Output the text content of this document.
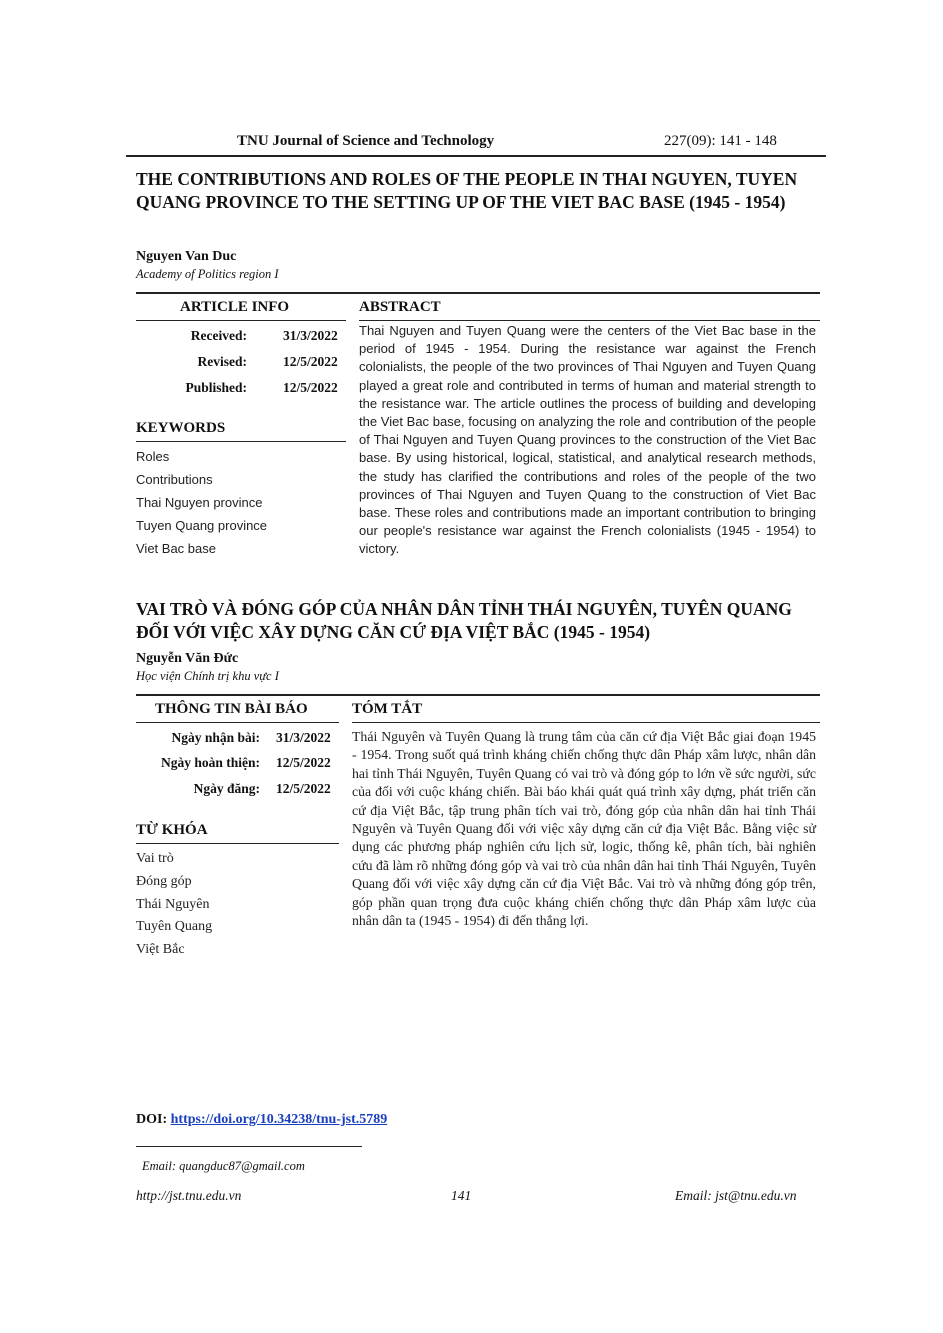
TNU Journal of Science and Technology	227(09): 141 - 148
THE CONTRIBUTIONS AND ROLES OF THE PEOPLE IN THAI NGUYEN, TUYEN QUANG PROVINCE TO THE SETTING UP OF THE VIET BAC BASE (1945 - 1954)
Nguyen Van Duc
Academy of Politics region I
ARTICLE INFO	ABSTRACT
Received:	31/3/2022
Revised:	12/5/2022
Published:	12/5/2022
KEYWORDS
Roles
Contributions
Thai Nguyen province
Tuyen Quang province
Viet Bac base
Thai Nguyen and Tuyen Quang were the centers of the Viet Bac base in the period of 1945 - 1954. During the resistance war against the French colonialists, the people of the two provinces of Thai Nguyen and Tuyen Quang played a great role and contributed in terms of human and material strength to the resistance war. The article outlines the process of building and developing the Viet Bac base, focusing on analyzing the role and contribution of the people of Thai Nguyen and Tuyen Quang provinces to the construction of the Viet Bac base. By using historical, logical, statistical, and analytical research methods, the study has clarified the contributions and roles of the people of the two provinces of Thai Nguyen and Tuyen Quang to the construction of Viet Bac base. These roles and contributions made an important contribution to bringing our people's resistance war against the French colonialists (1945 - 1954) to victory.
VAI TRÒ VÀ ĐÓNG GÓP CỦA NHÂN DÂN TỈNH THÁI NGUYÊN, TUYÊN QUANG ĐỐI VỚI VIỆC XÂY DỰNG CĂN CỨ ĐỊA VIỆT BẮC (1945 - 1954)
Nguyễn Văn Đức
Học viện Chính trị khu vực I
THÔNG TIN BÀI BÁO	TÓM TẮT
Ngày nhận bài: 31/3/2022
Ngày hoàn thiện: 12/5/2022
Ngày đăng: 12/5/2022
TỪ KHÓA
Vai trò
Đóng góp
Thái Nguyên
Tuyên Quang
Việt Bắc
Thái Nguyên và Tuyên Quang là trung tâm của căn cứ địa Việt Bắc giai đoạn 1945 - 1954. Trong suốt quá trình kháng chiến chống thực dân Pháp xâm lược, nhân dân hai tỉnh Thái Nguyên, Tuyên Quang có vai trò và đóng góp to lớn về sức người, sức của đối với cuộc kháng chiến. Bài báo khái quát quá trình xây dựng, phát triển căn cứ địa Việt Bắc, tập trung phân tích vai trò, đóng góp của nhân dân hai tỉnh Thái Nguyên và Tuyên Quang đối với việc xây dựng căn cứ địa Việt Bắc. Bằng việc sử dụng các phương pháp nghiên cứu lịch sử, logic, thống kê, phân tích, bài nghiên cứu đã làm rõ những đóng góp và vai trò của nhân dân hai tỉnh Thái Nguyên, Tuyên Quang đối với việc xây dựng căn cứ địa Việt Bắc. Vai trò và những đóng góp trên, góp phần quan trọng đưa cuộc kháng chiến chống thực dân Pháp xâm lược của nhân dân ta (1945 - 1954) đi đến thắng lợi.
DOI: https://doi.org/10.34238/tnu-jst.5789
Email: quangduc87@gmail.com
http://jst.tnu.edu.vn	141	Email: jst@tnu.edu.vn
